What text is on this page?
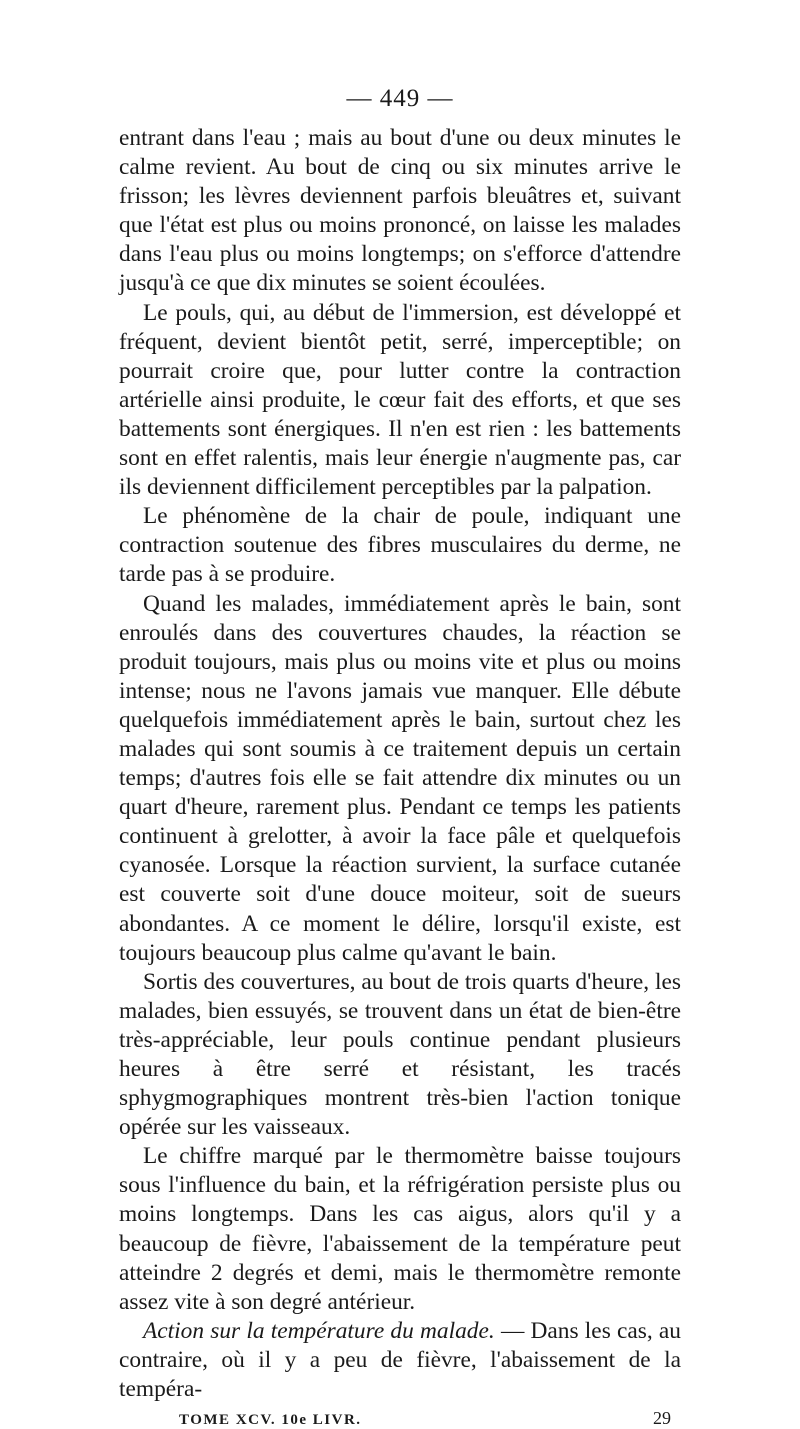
— 449 —

entrant dans l'eau ; mais au bout d'une ou deux minutes le calme revient. Au bout de cinq ou six minutes arrive le frisson; les lèvres deviennent parfois bleuâtres et, suivant que l'état est plus ou moins prononcé, on laisse les malades dans l'eau plus ou moins longtemps; on s'efforce d'attendre jusqu'à ce que dix minutes se soient écoulées.

Le pouls, qui, au début de l'immersion, est développé et fréquent, devient bientôt petit, serré, imperceptible; on pourrait croire que, pour lutter contre la contraction artérielle ainsi produite, le cœur fait des efforts, et que ses battements sont énergiques. Il n'en est rien : les battements sont en effet ralentis, mais leur énergie n'augmente pas, car ils deviennent difficilement perceptibles par la palpation.

Le phénomène de la chair de poule, indiquant une contraction soutenue des fibres musculaires du derme, ne tarde pas à se produire.

Quand les malades, immédiatement après le bain, sont enroulés dans des couvertures chaudes, la réaction se produit toujours, mais plus ou moins vite et plus ou moins intense; nous ne l'avons jamais vue manquer. Elle débute quelquefois immédiatement après le bain, surtout chez les malades qui sont soumis à ce traitement depuis un certain temps; d'autres fois elle se fait attendre dix minutes ou un quart d'heure, rarement plus. Pendant ce temps les patients continuent à grelotter, à avoir la face pâle et quelquefois cyanosée. Lorsque la réaction survient, la surface cutanée est couverte soit d'une douce moiteur, soit de sueurs abondantes. A ce moment le délire, lorsqu'il existe, est toujours beaucoup plus calme qu'avant le bain.

Sortis des couvertures, au bout de trois quarts d'heure, les malades, bien essuyés, se trouvent dans un état de bien-être très-appréciable, leur pouls continue pendant plusieurs heures à être serré et résistant, les tracés sphygmographiques montrent très-bien l'action tonique opérée sur les vaisseaux.

Le chiffre marqué par le thermomètre baisse toujours sous l'influence du bain, et la réfrigération persiste plus ou moins longtemps. Dans les cas aigus, alors qu'il y a beaucoup de fièvre, l'abaissement de la température peut atteindre 2 degrés et demi, mais le thermomètre remonte assez vite à son degré antérieur.

Action sur la température du malade. — Dans les cas, au contraire, où il y a peu de fièvre, l'abaissement de la tempéra-

TOME XCV. 10e LIVR.	29
